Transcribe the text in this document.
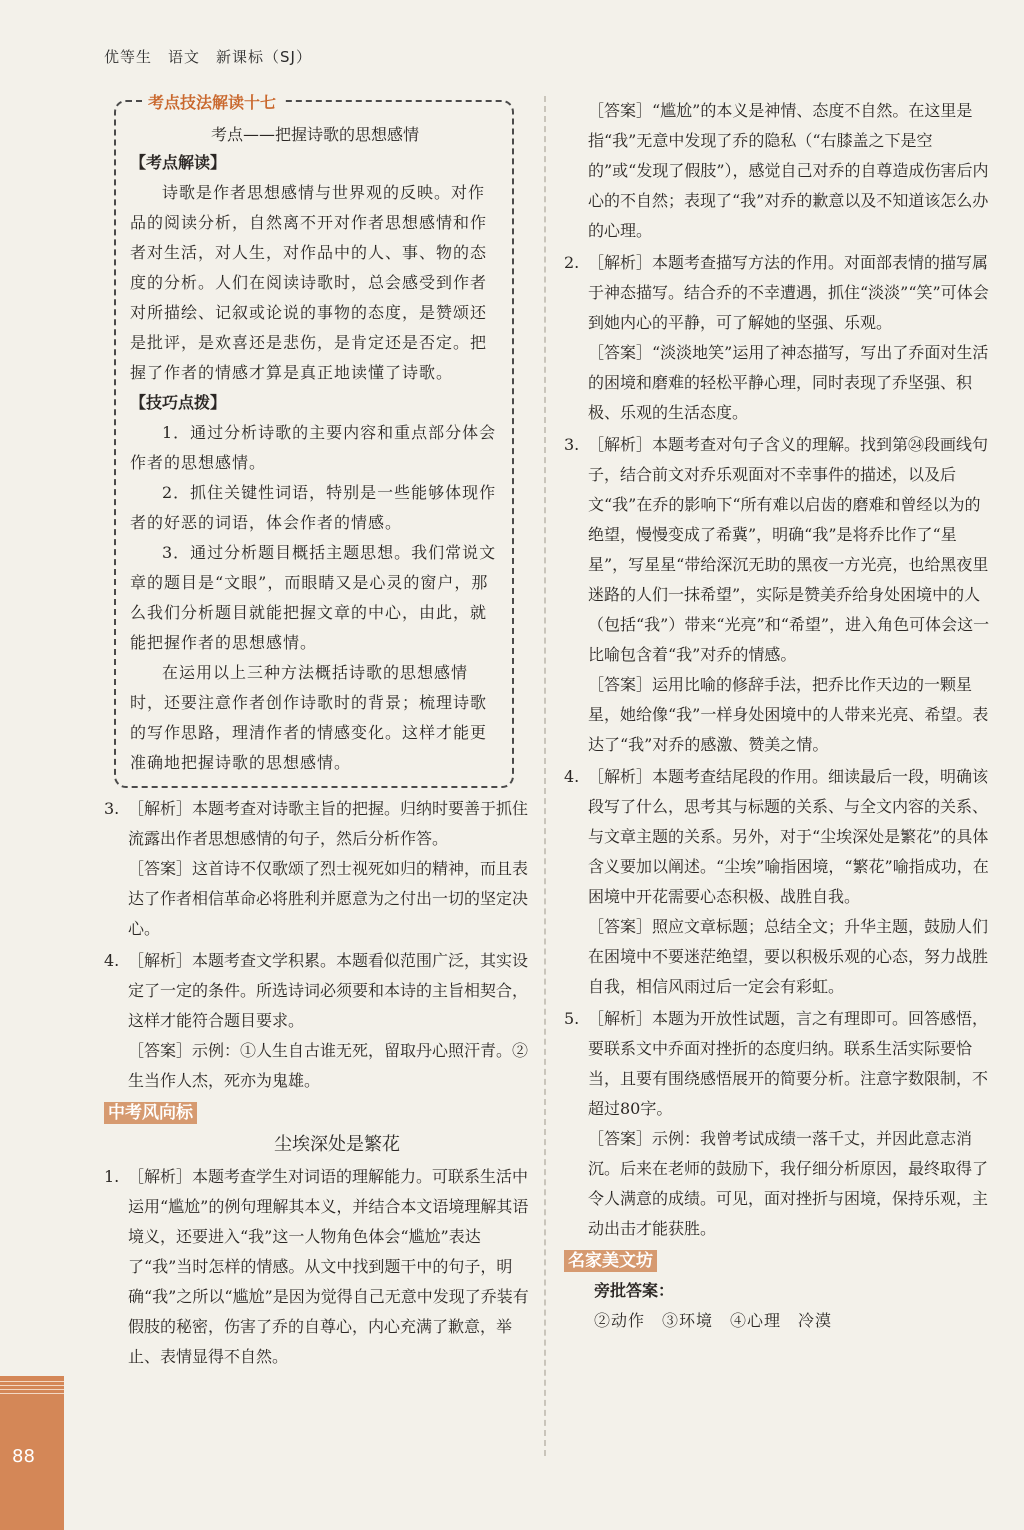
优等生　语文　新课标（SJ）
考点技法解读十七
考点——把握诗歌的思想感情
【考点解读】

诗歌是作者思想感情与世界观的反映。对作品的阅读分析，自然离不开对作者思想感情和作者对生活，对人生，对作品中的人、事、物的态度的分析。人们在阅读诗歌时，总会感受到作者对所描绘、记叙或论说的事物的态度，是赞颂还是批评，是欢喜还是悲伤，是肯定还是否定。把握了作者的情感才算是真正地读懂了诗歌。

【技巧点拨】

1．通过分析诗歌的主要内容和重点部分体会作者的思想感情。

2．抓住关键性词语，特别是一些能够体现作者的好恶的词语，体会作者的情感。

3．通过分析题目概括主题思想。我们常说文章的题目是“文眼”，而眼睛又是心灵的窗户，那么我们分析题目就能把握文章的中心，由此，就能把握作者的思想感情。

在运用以上三种方法概括诗歌的思想感情时，还要注意作者创作诗歌时的背景；梳理诗歌的写作思路，理清作者的情感变化。这样才能更准确地把握诗歌的思想感情。

3. ［解析］本题考查对诗歌主旨的把握。归纳时要善于抓住流露出作者思想感情的句子，然后分析作答。
［答案］这首诗不仅歌颂了烈士视死如归的精神，而且表达了作者相信革命必将胜利并愿意为之付出一切的坚定决心。
4. ［解析］本题考查文学积累。本题看似范围广泛，其实设定了一定的条件。所选诗词必须要和本诗的主旨相契合，这样才能符合题目要求。
［答案］示例：①人生自古谁无死，留取丹心照汗青。②生当作人杰，死亦为鬼雄。
中考风向标
尘埃深处是繁花
1. ［解析］本题考查学生对词语的理解能力。可联系生活中运用“尴尬”的例句理解其本义，并结合本文语境理解其语境义，还要进入“我”这一人物角色体会“尴尬”表达了“我”当时怎样的情感。从文中找到题干中的句子，明确“我”之所以“尴尬”是因为觉得自己无意中发现了乔装有假肢的秘密，伤害了乔的自尊心，内心充满了歉意，举止、表情显得不自然。
［答案］“尴尬”的本义是神情、态度不自然。在这里是指“我”无意中发现了乔的隐私（“右膝盖之下是空的”或“发现了假肢”），感觉自己对乔的自尊造成伤害后内心的不自然；表现了“我”对乔的歉意以及不知道该怎么办的心理。
2. ［解析］本题考查描写方法的作用。对面部表情的描写属于神态描写。结合乔的不幸遭遇，抓住“淡淡”“笑”可体会到她内心的平静，可了解她的坚强、乐观。
［答案］“淡淡地笑”运用了神态描写，写出了乔面对生活的困境和磨难的轻松平静心理，同时表现了乔坚强、积极、乐观的生活态度。
3. ［解析］本题考查对句子含义的理解。找到第㉔段画线句子，结合前文对乔乐观面对不幸事件的描述，以及后文“我”在乔的影响下“所有难以启齿的磨难和曾经以为的绝望，慢慢变成了希冀”，明确“我”是将乔比作了“星星”，写星星“带给深沉无助的黑夜一方光亮，也给黑夜里迷路的人们一抹希望”，实际是赞美乔给身处困境中的人（包括“我”）带来“光亮”和“希望”，进入角色可体会这一比喻包含着“我”对乔的情感。
［答案］运用比喻的修辞手法，把乔比作天边的一颗星星，她给像“我”一样身处困境中的人带来光亮、希望。表达了“我”对乔的感激、赞美之情。
4. ［解析］本题考查结尾段的作用。细读最后一段，明确该段写了什么，思考其与标题的关系、与全文内容的关系、与文章主题的关系。另外，对于“尘埃深处是繁花”的具体含义要加以阐述。“尘埃”喻指困境，“繁花”喻指成功，在困境中开花需要心态积极、战胜自我。
［答案］照应文章标题；总结全文；升华主题，鼓励人们在困境中不要迷茫绝望，要以积极乐观的心态，努力战胜自我，相信风雨过后一定会有彩虹。
5. ［解析］本题为开放性试题，言之有理即可。回答感悟，要联系文中乔面对挫折的态度归纳。联系生活实际要恰当，且要有围绕感悟展开的简要分析。注意字数限制，不超过80字。
［答案］示例：我曾考试成绩一落千丈，并因此意志消沉。后来在老师的鼓励下，我仔细分析原因，最终取得了令人满意的成绩。可见，面对挫折与困境，保持乐观，主动出击才能获胜。
名家美文坊
旁批答案：
②动作　③环境　④心理　冷漠
88
